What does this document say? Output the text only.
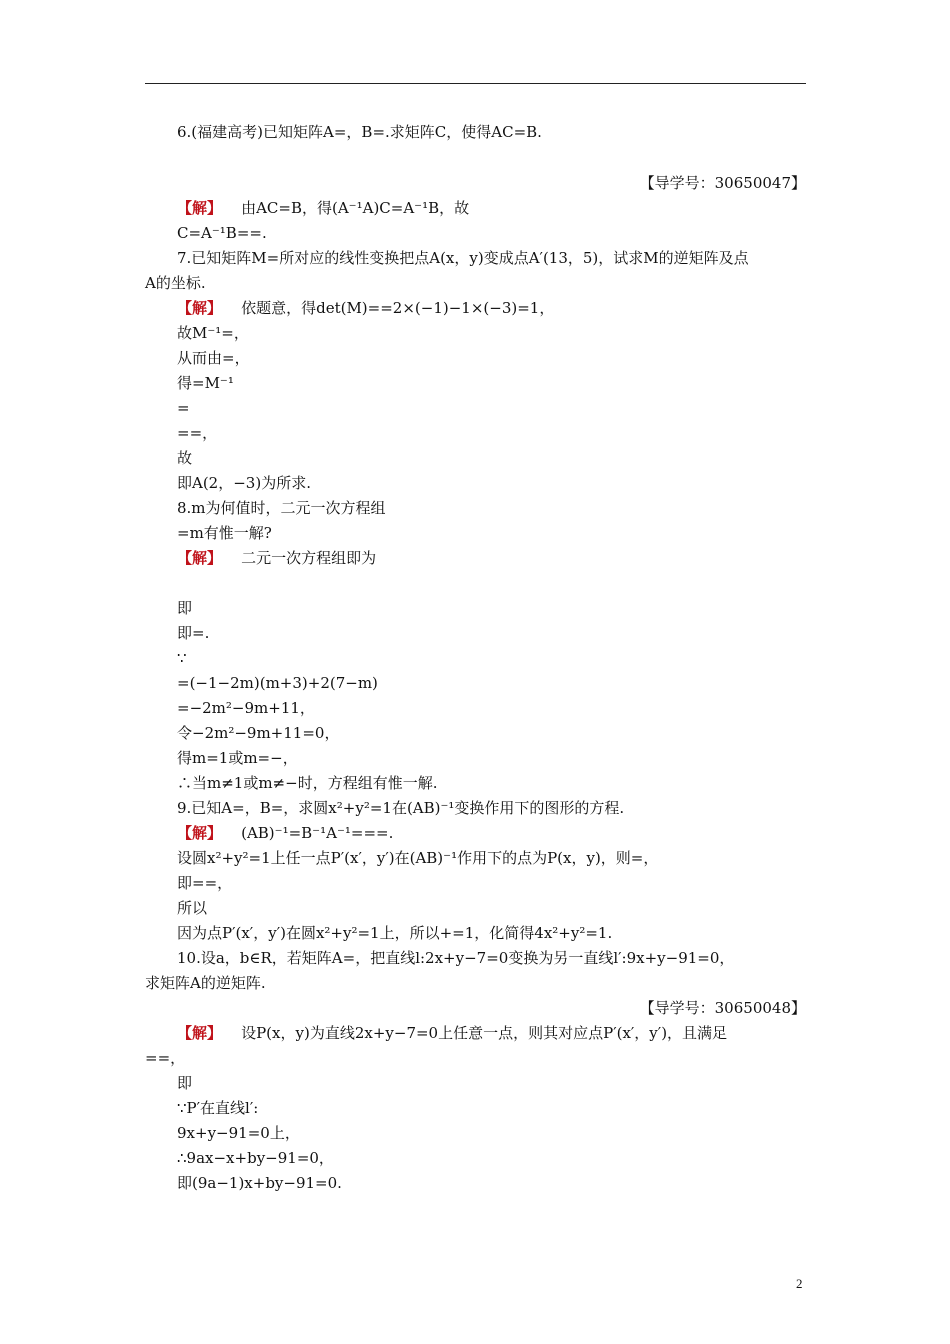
6.(福建高考)已知矩阵A=，B=.求矩阵C，使得AC=B.
【导学号：30650047】
【解】 由AC=B，得(A⁻¹A)C=A⁻¹B，故
C=A⁻¹B==.
7.已知矩阵M=所对应的线性变换把点A(x，y)变成点A′(13，5)，试求M的逆矩阵及点
A的坐标.
【解】 依题意，得det(M)==2×(−1)−1×(−3)=1，
故M⁻¹=，
从而由=，
得=M⁻¹
=
==，
故
即A(2，−3)为所求.
8.m为何值时，二元一次方程组
=m有惟一解?
【解】 二元一次方程组即为
即
即=.
∵
=(−1−2m)(m+3)+2(7−m)
=−2m²−9m+11，
令−2m²−9m+11=0，
得m=1或m=−，
∴当m≠1或m≠−时，方程组有惟一解.
9.已知A=，B=，求圆x²+y²=1在(AB)⁻¹变换作用下的图形的方程.
【解】 (AB)⁻¹=B⁻¹A⁻¹===.
设圆x²+y²=1上任一点P′(x′，y′)在(AB)⁻¹作用下的点为P(x，y)，则=，
即==，
所以
因为点P′(x′，y′)在圆x²+y²=1上，所以+=1，化简得4x²+y²=1.
10.设a，b∈R，若矩阵A=，把直线l:2x+y−7=0变换为另一直线l′:9x+y−91=0，
求矩阵A的逆矩阵.
【导学号：30650048】
【解】 设P(x，y)为直线2x+y−7=0上任意一点，则其对应点P′(x′，y′)，且满足
==，
即
∵P′在直线l′:
9x+y−91=0上，
∴9ax−x+by−91=0，
即(9a−1)x+by−91=0.
2
